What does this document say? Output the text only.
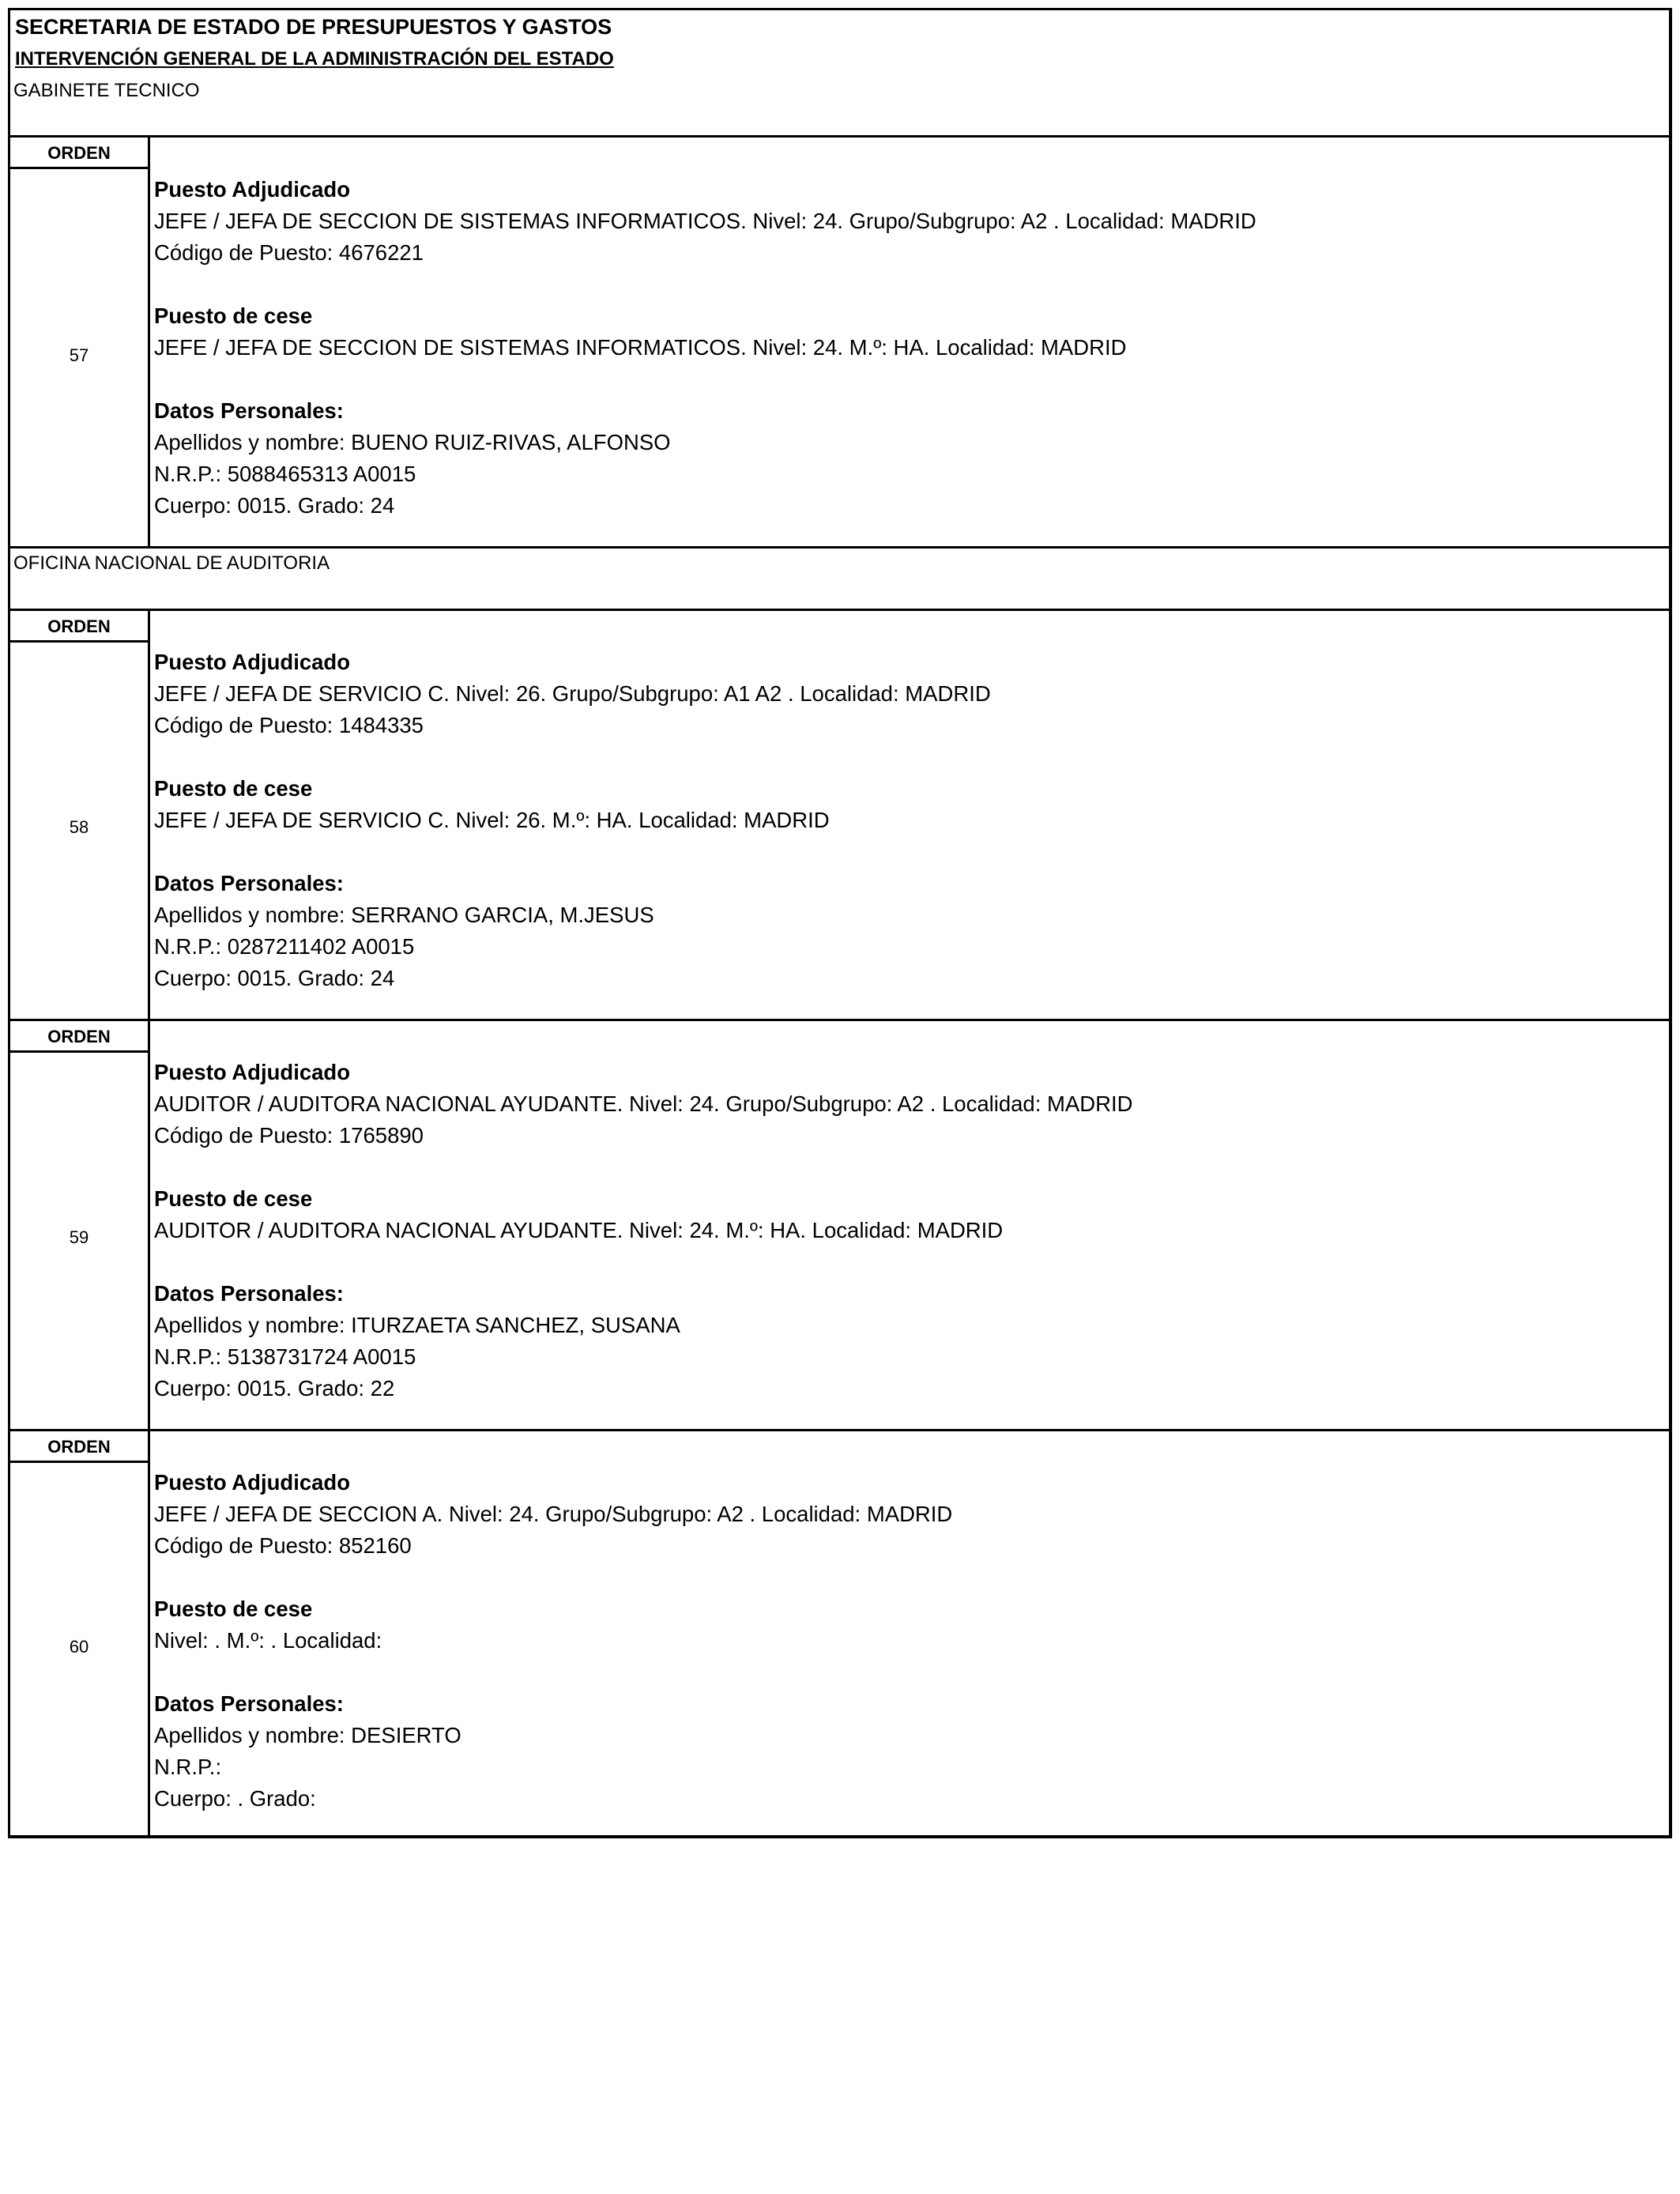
SECRETARIA DE ESTADO DE PRESUPUESTOS Y GASTOS
INTERVENCIÓN GENERAL DE LA ADMINISTRACIÓN DEL ESTADO
GABINETE TECNICO
OFICINA NACIONAL DE AUDITORIA
ORDEN
57
Puesto Adjudicado
JEFE / JEFA DE SECCION DE SISTEMAS INFORMATICOS. Nivel: 24. Grupo/Subgrupo: A2 . Localidad: MADRID
Código de Puesto: 4676221
Puesto de cese
JEFE / JEFA DE SECCION DE SISTEMAS INFORMATICOS. Nivel: 24. M.º: HA. Localidad: MADRID
Datos Personales:
Apellidos y nombre: BUENO RUIZ-RIVAS, ALFONSO
N.R.P.: 5088465313 A0015
Cuerpo: 0015. Grado: 24
ORDEN
58
Puesto Adjudicado
JEFE / JEFA DE SERVICIO C. Nivel: 26. Grupo/Subgrupo: A1 A2 . Localidad: MADRID
Código de Puesto: 1484335
Puesto de cese
JEFE / JEFA DE SERVICIO C. Nivel: 26. M.º: HA. Localidad: MADRID
Datos Personales:
Apellidos y nombre: SERRANO GARCIA, M.JESUS
N.R.P.: 0287211402 A0015
Cuerpo: 0015. Grado: 24
ORDEN
59
Puesto Adjudicado
AUDITOR / AUDITORA NACIONAL AYUDANTE. Nivel: 24. Grupo/Subgrupo: A2 . Localidad: MADRID
Código de Puesto: 1765890
Puesto de cese
AUDITOR / AUDITORA NACIONAL AYUDANTE. Nivel: 24. M.º: HA. Localidad: MADRID
Datos Personales:
Apellidos y nombre: ITURZAETA SANCHEZ, SUSANA
N.R.P.: 5138731724 A0015
Cuerpo: 0015. Grado: 22
ORDEN
60
Puesto Adjudicado
JEFE / JEFA DE SECCION A. Nivel: 24. Grupo/Subgrupo: A2 . Localidad: MADRID
Código de Puesto: 852160
Puesto de cese
Nivel: . M.º: . Localidad:
Datos Personales:
Apellidos y nombre: DESIERTO
N.R.P.:
Cuerpo: . Grado:
